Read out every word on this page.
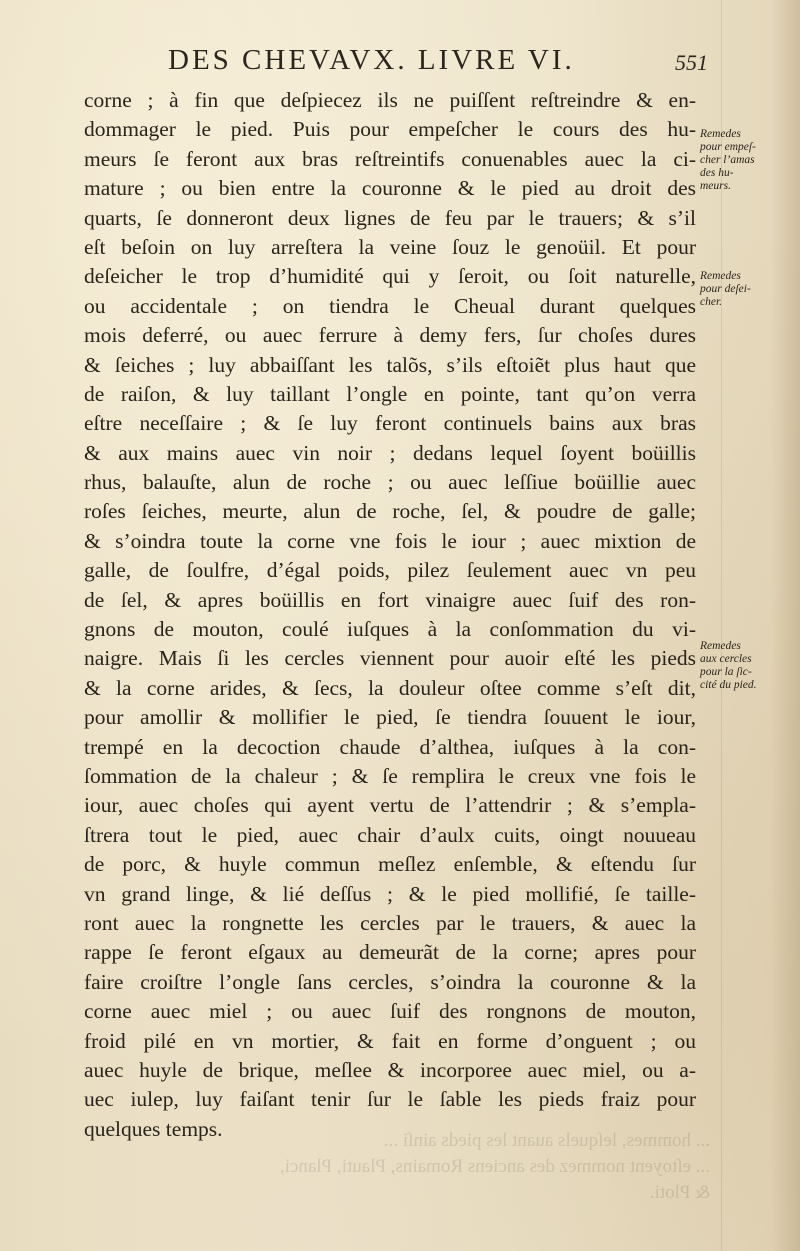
DES CHEVAVX. LIVRE VI.	551
corne ; à fin que deſpiecez ils ne puiſſent reſtreindre & en-
dommager le pied. Puis pour empeſcher le cours des hu-
meurs ſe feront aux bras reſtreintifs conuenables auec la ci-
mature ; ou bien entre la couronne & le pied au droit des
quarts, ſe donneront deux lignes de feu par le trauers; & s’il
eſt beſoin on luy arreſtera la veine ſouz le genoüil. Et pour
deſeicher le trop d’humidité qui y ſeroit, ou ſoit naturelle,
ou accidentale ; on tiendra le Cheual durant quelques
mois deferré, ou auec ferrure à demy fers, ſur choſes dures
& ſeiches ; luy abbaiſſant les talõs, s’ils eſtoiẽt plus haut que
de raiſon, & luy taillant l’ongle en pointe, tant qu’on verra
eſtre neceſſaire ; & ſe luy feront continuels bains aux bras
& aux mains auec vin noir ; dedans lequel ſoyent boüillis
rhus, balauſte, alun de roche ; ou auec leſſiue boüillie auec
roſes ſeiches, meurte, alun de roche, ſel, & poudre de galle;
& s’oindra toute la corne vne fois le iour ; auec mixtion de
galle, de ſoulfre, d’égal poids, pilez ſeulement auec vn peu
de ſel, & apres boüillis en fort vinaigre auec ſuif des ron-
gnons de mouton, coulé iuſques à la conſommation du vi-
naigre. Mais ſi les cercles viennent pour auoir eſté les pieds
& la corne arides, & ſecs, la douleur oſtee comme s’eſt dit,
pour amollir & mollifier le pied, ſe tiendra ſouuent le iour,
trempé en la decoction chaude d’althea, iuſques à la con-
ſommation de la chaleur ; & ſe remplira le creux vne fois le
iour, auec choſes qui ayent vertu de l’attendrir ; & s’empla-
ſtrera tout le pied, auec chair d’aulx cuits, oingt nouueau
de porc, & huyle commun meſlez enſemble, & eſtendu ſur
vn grand linge, & lié deſſus ; & le pied mollifié, ſe taille-
ront auec la rongnette les cercles par le trauers, & auec la
rappe ſe feront eſgaux au demeurãt de la corne; apres pour
faire croiſtre l’ongle ſans cercles, s’oindra la couronne & la
corne auec miel ; ou auec ſuif des rongnons de mouton,
froid pilé en vn mortier, & fait en forme d’onguent ; ou
auec huyle de brique, meſlee & incorporee auec miel, ou a-
uec iulep, luy faiſant tenir ſur le ſable les pieds fraiz pour
quelques temps.
Remedes
pour empeſ-
cher l’amas
des hu-
meurs.
Remedes
pour deſei-
cher.
Remedes
aux cercles
pour la ſic-
cité du pied.
... hommes, leſquels auant les pieds ainſi ...
... eſtoyent nommez des anciens Romains, Plauti, Planci,
& Ploti.
